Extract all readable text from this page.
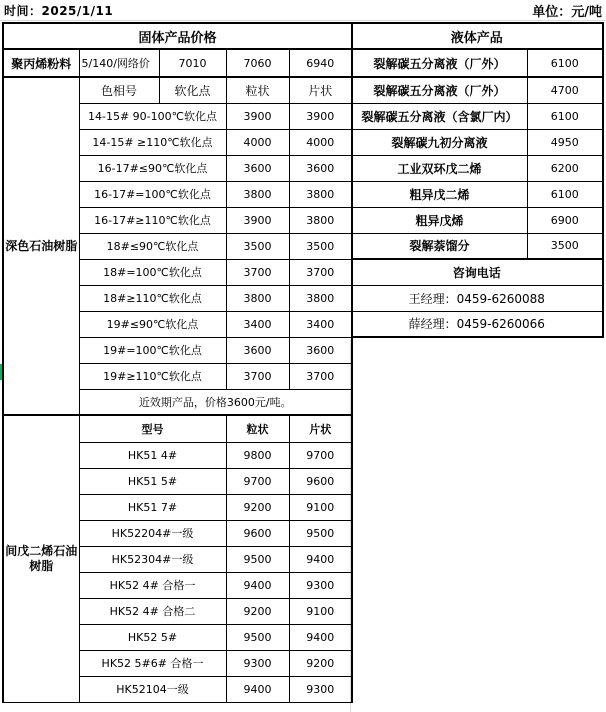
时间：2025/1/11	单位：元/吨
固体产品价格				
聚丙烯粉料	5/140/网络价	7010	7060	6940
深色石油树脂	色相号	软化点	粒状	片状
	14-15# 90-100℃软化点		3900	3900
	14-15# ≥110℃软化点		4000	4000
	16-17#≤90℃软化点		3600	3600
	16-17#=100℃软化点		3800	3800
	16-17#≥110℃软化点		3900	3800
	18#≤90℃软化点		3500	3500
	18#=100℃软化点		3700	3700
	18#≥110℃软化点		3800	3800
	19#≤90℃软化点		3400	3400
	19#=100℃软化点		3600	3600
	19#≥110℃软化点		3700	3700
	近效期产品，价格3600元/吨。			
间戊二烯石油树脂	型号		粒状	片状
	HK51 4#		9800	9700
	HK51 5#		9700	9600
	HK51 7#		9200	9100
	HK52204#一级		9600	9500
	HK52304#一级		9500	9400
	HK52 4# 合格一		9400	9300
	HK52 4# 合格二		9200	9100
	HK52 5#		9500	9400
	HK52 5#6# 合格一		9300	9200
	HK52104一级		9400	9300
液体产品	
裂解碳五分离液（厂外）	6100
裂解碳五分离液（厂外）	4700
裂解碳五分离液（含氯厂内）	6100
裂解碳九初分离液	4950
工业双环戊二烯	6200
粗异戊二烯	6100
粗异戊烯	6900
裂解萘馏分	3500
咨询电话	
王经理：0459-6260088	
薛经理：0459-6260066	
